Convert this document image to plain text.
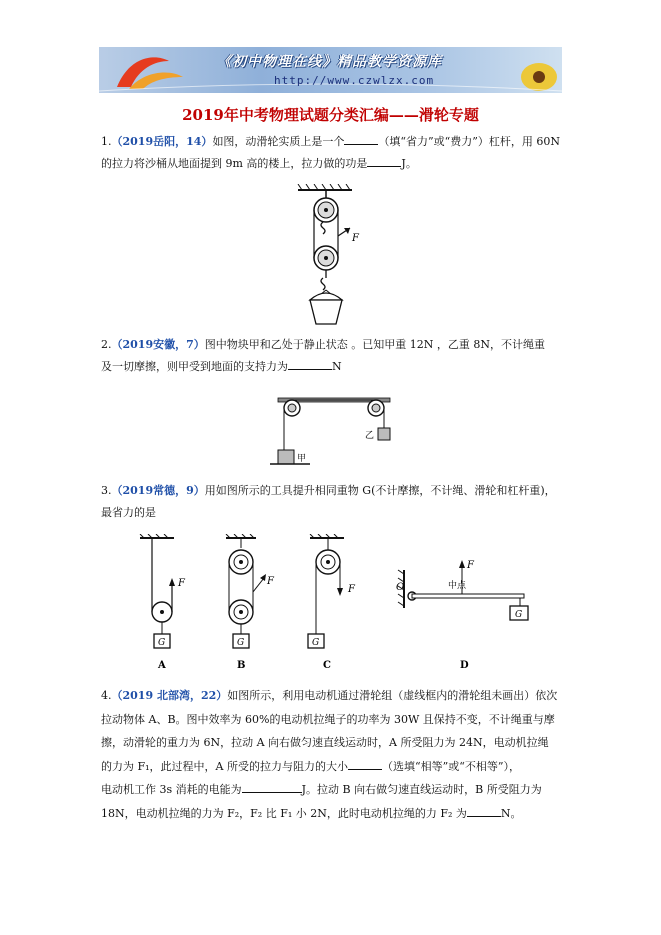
《初中物理在线》精品教学资源库
http://www.czwlzx.com
2019年中考物理试题分类汇编——滑轮专题

1.（2019岳阳，14）如图，动滑轮实质上是一个	（填“省力”或“费力”）杠杆，用 60N
的拉力将沙桶从地面提到 9m 高的楼上，拉力做的功是	J。

F

2.（2019安徽，7）图中物块甲和乙处于静止状态 。已知甲重 12N ，乙重 8N，不计绳重
及一切摩擦，则甲受到地面的支持力为	N

甲
乙

3.（2019常德，9）用如图所示的工具提升相同重物 G(不计摩擦，不计绳、滑轮和杠杆重)，
最省力的是

F
G
A
F
G
B
F
G
C
O
F
中点
G
D

4.（2019 北部湾，22）如图所示，利用电动机通过滑轮组（虚线框内的滑轮组未画出）依次
拉动物体 A、B。图中效率为 60%的电动机拉绳子的功率为 30W 且保持不变，不计绳重与摩
擦，动滑轮的重力为 6N，拉动 A 向右做匀速直线运动时，A 所受阻力为 24N，电动机拉绳
的力为 F₁，此过程中，A 所受的拉力与阻力的大小	（选填“相等”或“不相等”），
电动机工作 3s 消耗的电能为	J。拉动 B 向右做匀速直线运动时，B 所受阻力为
18N，电动机拉绳的力为 F₂，F₂ 比 F₁ 小 2N，此时电动机拉绳的力 F₂ 为	N。
